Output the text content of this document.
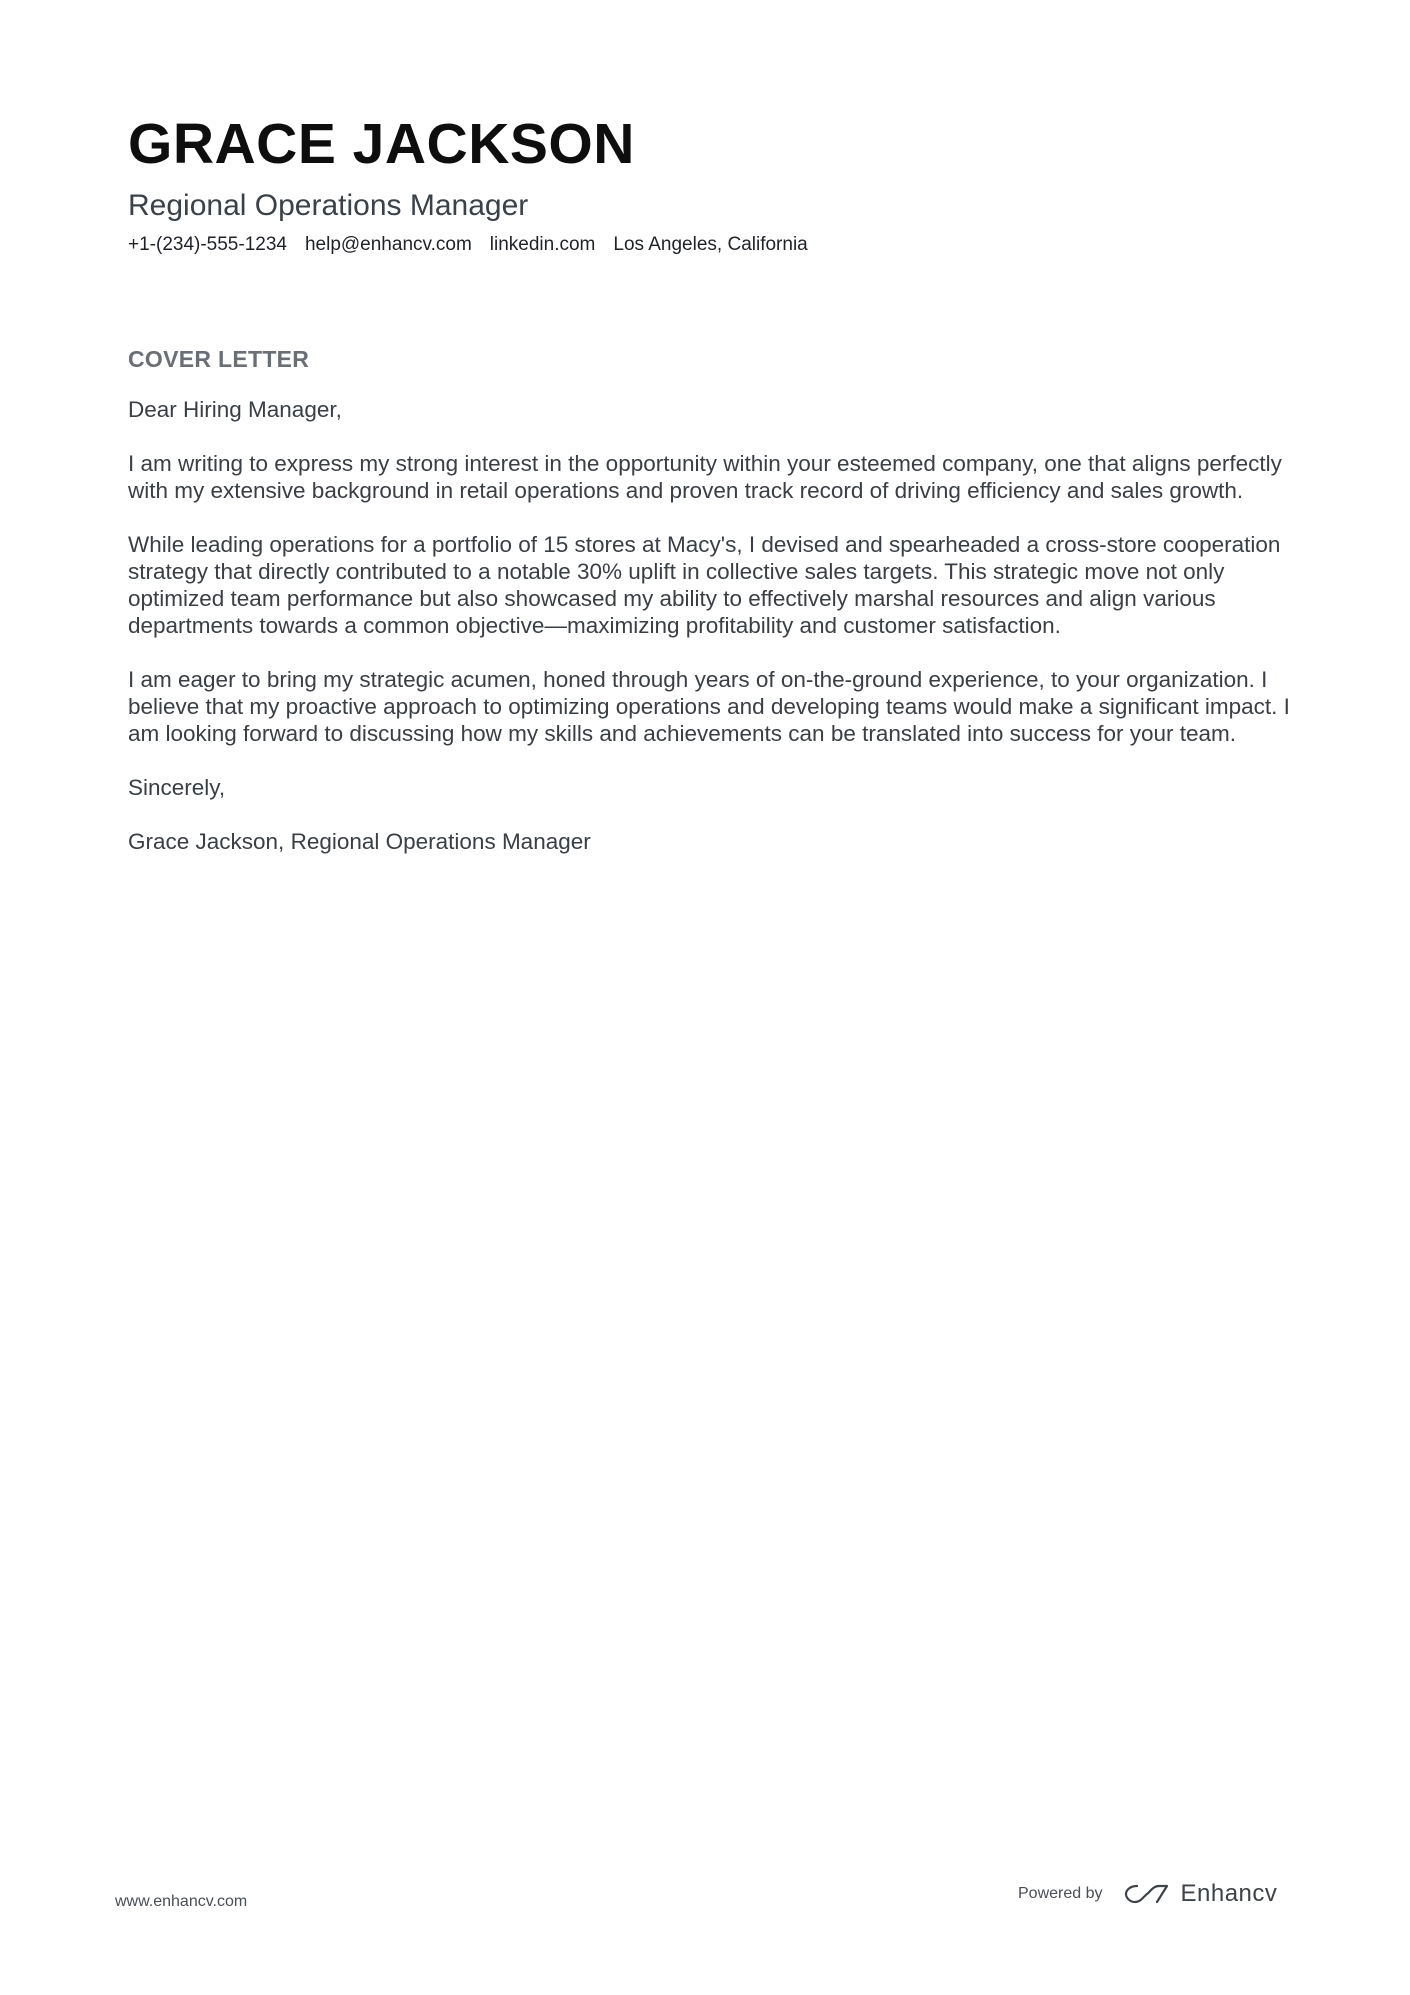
GRACE JACKSON
Regional Operations Manager
+1-(234)-555-1234 help@enhancv.com linkedin.com Los Angeles, California
COVER LETTER

Dear Hiring Manager,

I am writing to express my strong interest in the opportunity within your esteemed company, one that aligns perfectly with my extensive background in retail operations and proven track record of driving efficiency and sales growth.

While leading operations for a portfolio of 15 stores at Macy's, I devised and spearheaded a cross-store cooperation strategy that directly contributed to a notable 30% uplift in collective sales targets. This strategic move not only optimized team performance but also showcased my ability to effectively marshal resources and align various departments towards a common objective—maximizing profitability and customer satisfaction.

I am eager to bring my strategic acumen, honed through years of on-the-ground experience, to your organization. I believe that my proactive approach to optimizing operations and developing teams would make a significant impact. I am looking forward to discussing how my skills and achievements can be translated into success for your team.

Sincerely,

Grace Jackson, Regional Operations Manager

www.enhancv.com	Powered by	Enhancv
